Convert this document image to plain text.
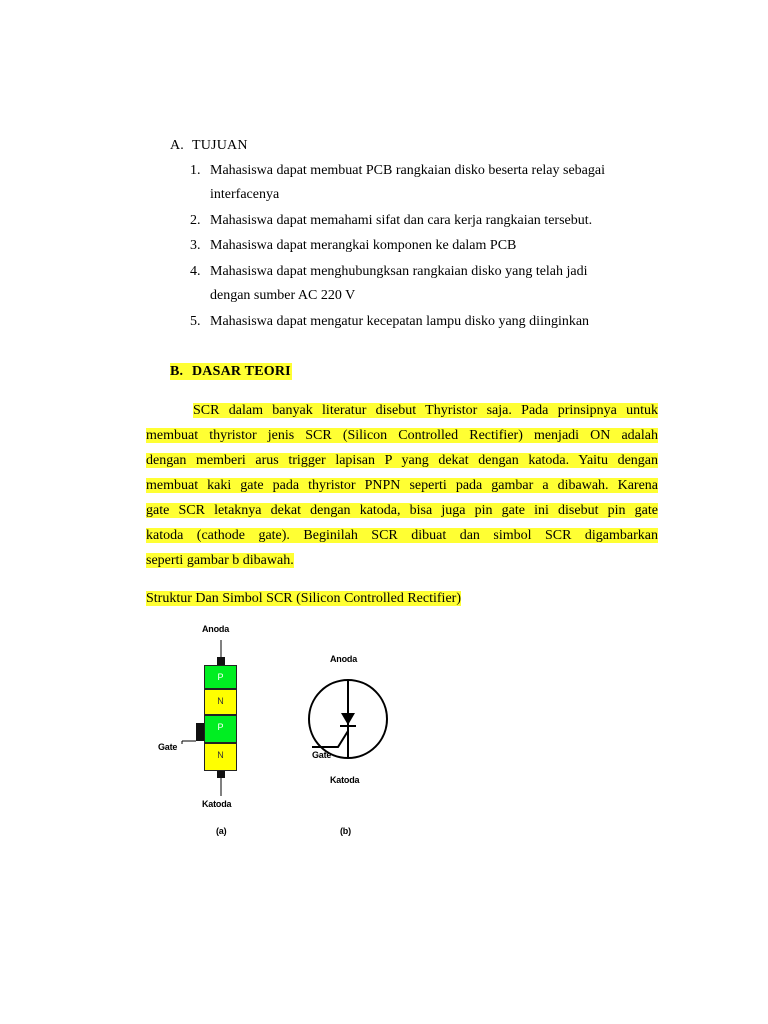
A. TUJUAN
1. Mahasiswa dapat membuat PCB rangkaian disko beserta relay sebagai
interfacenya
2. Mahasiswa dapat memahami sifat dan cara kerja rangkaian tersebut.
3. Mahasiswa dapat merangkai komponen ke dalam PCB
4. Mahasiswa dapat menghubungksan rangkaian disko yang telah jadi
dengan sumber AC 220 V
5. Mahasiswa dapat mengatur kecepatan lampu disko yang diinginkan
B. DASAR TEORI
SCR dalam banyak literatur disebut Thyristor saja. Pada prinsipnya untuk
membuat thyristor jenis SCR (Silicon Controlled Rectifier) menjadi ON adalah
dengan memberi arus trigger lapisan P yang dekat dengan katoda. Yaitu dengan
membuat kaki gate pada thyristor PNPN seperti pada gambar a dibawah. Karena
gate SCR letaknya dekat dengan katoda, bisa juga pin gate ini disebut pin gate
katoda (cathode gate). Beginilah SCR dibuat dan simbol SCR digambarkan
seperti gambar b dibawah.
Struktur Dan Simbol SCR (Silicon Controlled Rectifier)
Anoda
P
N
P
N
Gate
Katoda
(a)
Anoda
Gate
Katoda
(b)
